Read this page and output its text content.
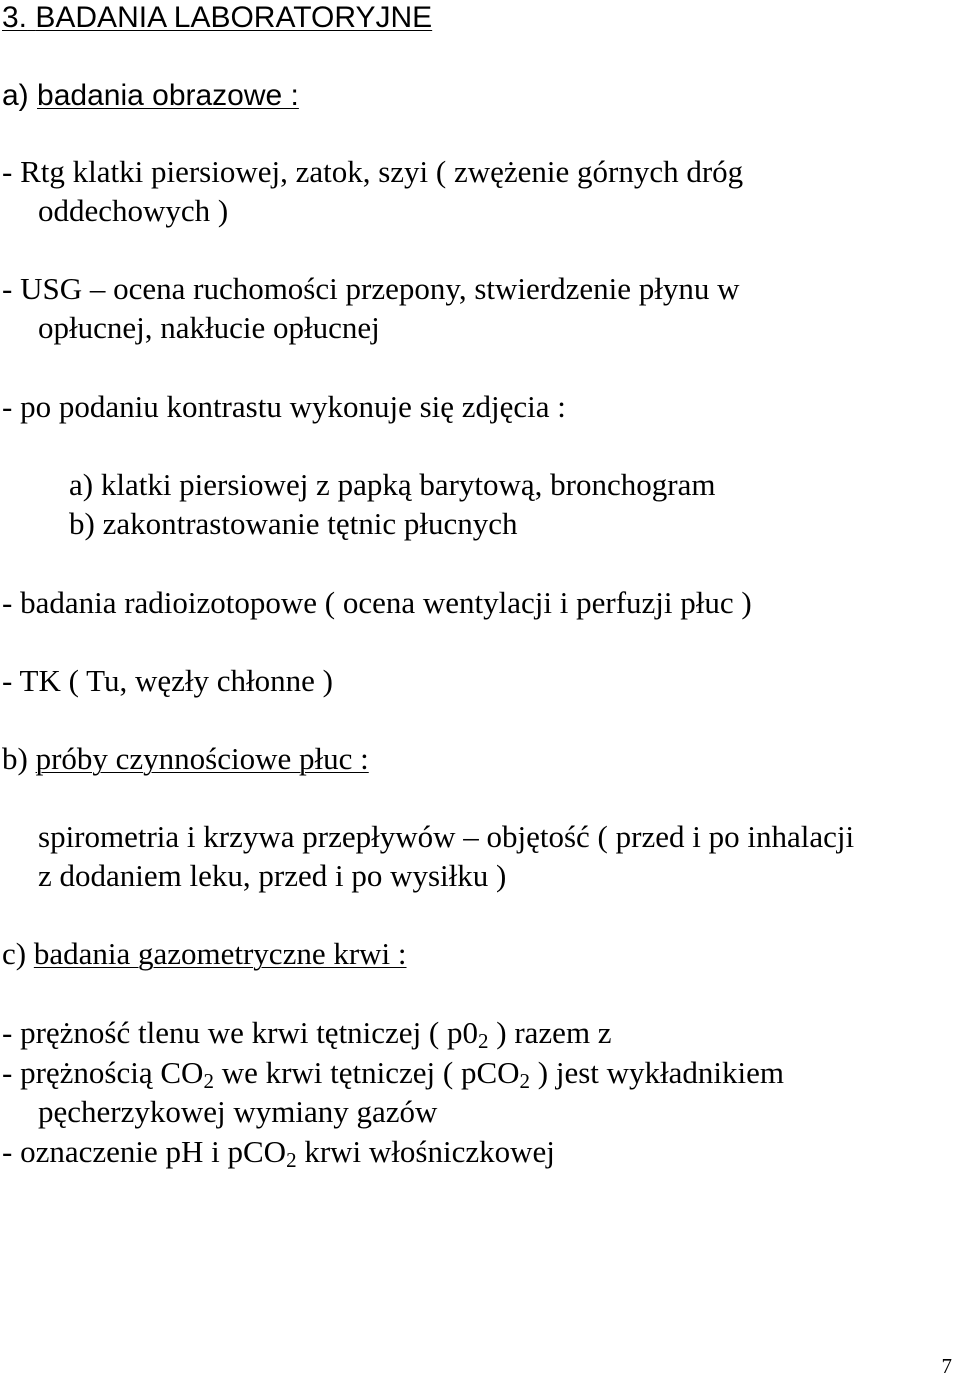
3. BADANIA LABORATORYJNE
a) badania obrazowe :
- Rtg klatki piersiowej, zatok, szyi ( zwężenie górnych dróg
oddechowych )
- USG – ocena ruchomości przepony, stwierdzenie płynu w
opłucnej, nakłucie opłucnej
- po podaniu kontrastu wykonuje się zdjęcia :
a) klatki piersiowej z papką barytową, bronchogram
b) zakontrastowanie tętnic płucnych
- badania radioizotopowe ( ocena wentylacji i perfuzji płuc )
- TK ( Tu, węzły chłonne )
b) próby czynnościowe płuc :
spirometria i krzywa przepływów – objętość ( przed i po inhalacji
z dodaniem leku, przed i po wysiłku )
c) badania gazometryczne krwi :
- prężność tlenu we krwi tętniczej ( $p0_2$ ) razem z
- prężnością $CO_2$ we krwi tętniczej ( pCO$_2$ ) jest wykładnikiem
pęcherzykowej wymiany gazów
- oznaczenie pH i pCO$_2$ krwi włośniczkowej
7
